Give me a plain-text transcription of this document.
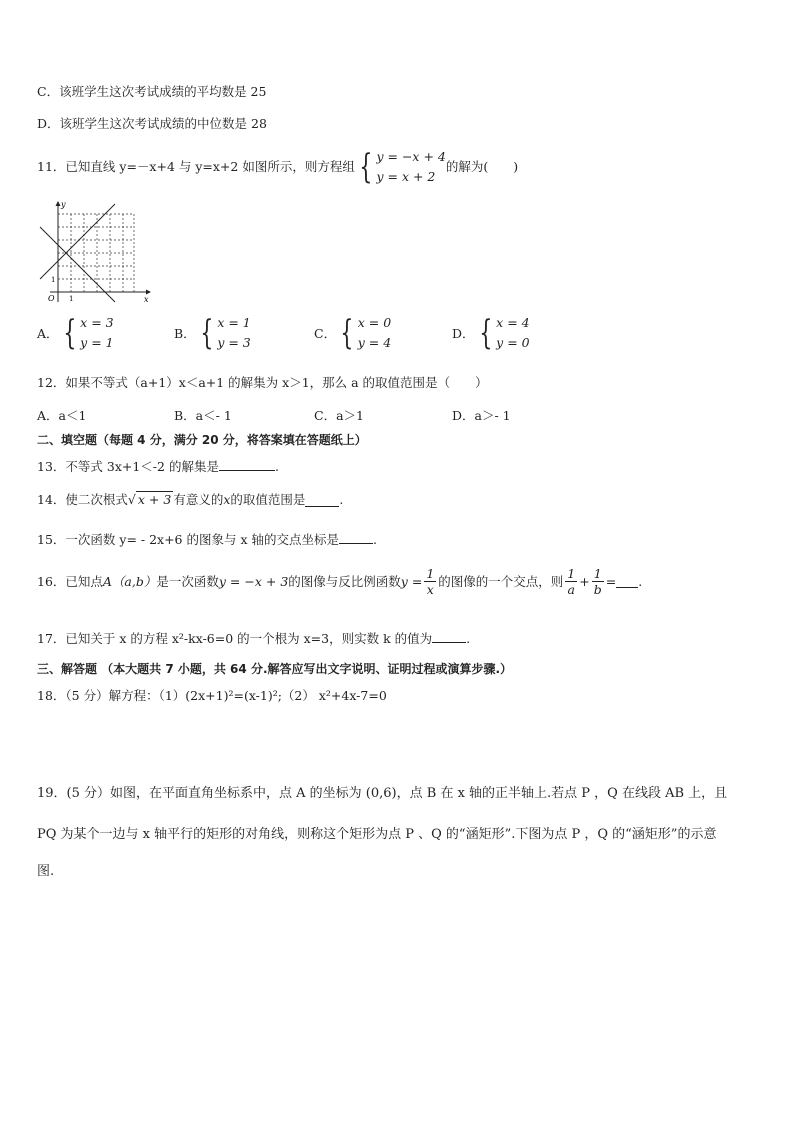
C．该班学生这次考试成绩的平均数是 25
D．该班学生这次考试成绩的中位数是 28
11．已知直线 y=－x+4 与 y=x+2 如图所示，则方程组 { y = −x + 4
y = x + 2
的解为(　　)
y
x
O 1
1
A． { x = 3
y = 1
B． { x = 1
y = 3
C． { x = 0
y = 4
D． { x = 4
y = 0
12．如果不等式（a+1）x＜a+1 的解集为 x＞1，那么 a 的取值范围是（　　）
A．a＜1	B．a＜- 1	C．a＞1	D．a＞- 1
二、填空题（每题 4 分，满分 20 分，将答案填在答题纸上）
13．不等式 3x+1＜-2 的解集是	.
14．使二次根式 √ x + 3 有意义的 x 的取值范围是	.
15．一次函数 y= - 2x+6 的图象与 x 轴的交点坐标是	.
16．已知点 A（a,b） 是一次函数 y = −x + 3 的图像与反比例函数 $y = \frac{1}{x}$ 的图像的一个交点，则 $\frac{1}{a} + \frac{1}{b}$ = .
17．已知关于 x 的方程 x²-kx-6=0 的一个根为 x=3，则实数 k 的值为	.
三、解答题 （本大题共 7 小题，共 64 分.解答应写出文字说明、证明过程或演算步骤.）
18．（5 分）解方程：（1）(2x+1)²=(x-1)²;（2） x²+4x-7=0
19．(5 分）如图，在平面直角坐标系中，点 A 的坐标为 (0,6)，点 B 在 x 轴的正半轴上.若点 P ，Q 在线段 AB 上，且
PQ 为某个一边与 x 轴平行的矩形的对角线，则称这个矩形为点 P 、Q 的“涵矩形”.下图为点 P ，Q 的“涵矩形”的示意
图.
